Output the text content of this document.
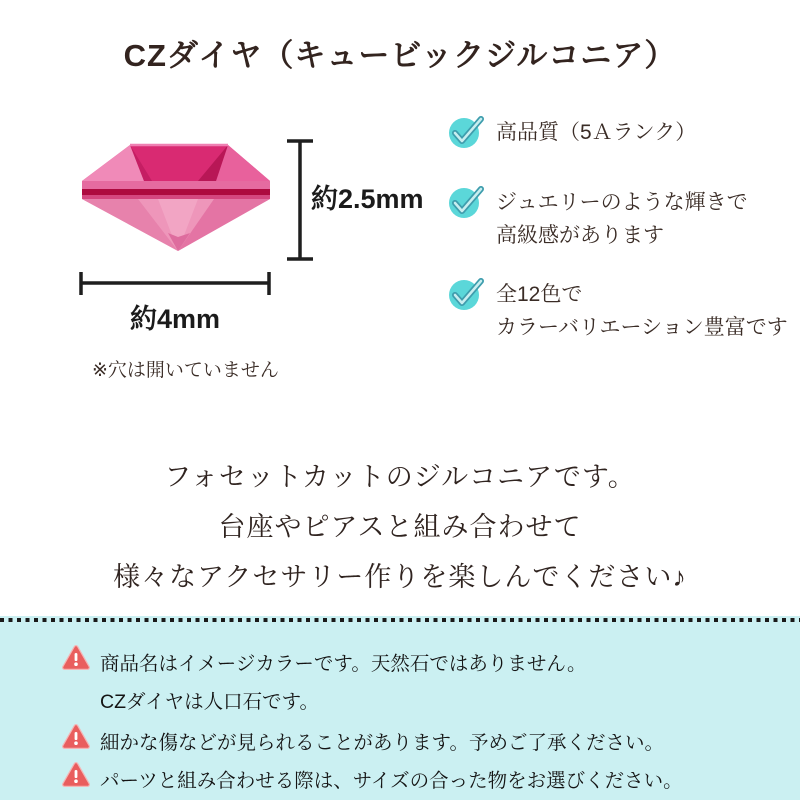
CZダイヤ（キュービックジルコニア）
約2.5mm
約4mm
※穴は開いていません
高品質（5Ａランク）
ジュエリーのような輝きで
高級感があります
全12色で
カラーバリエーション豊富です
フォセットカットのジルコニアです。
台座やピアスと組み合わせて
様々なアクセサリー作りを楽しんでください♪
商品名はイメージカラーです。天然石ではありません。
CZダイヤは人口石です。
細かな傷などが見られることがあります。予めご了承ください。
パーツと組み合わせる際は、サイズの合った物をお選びください。
